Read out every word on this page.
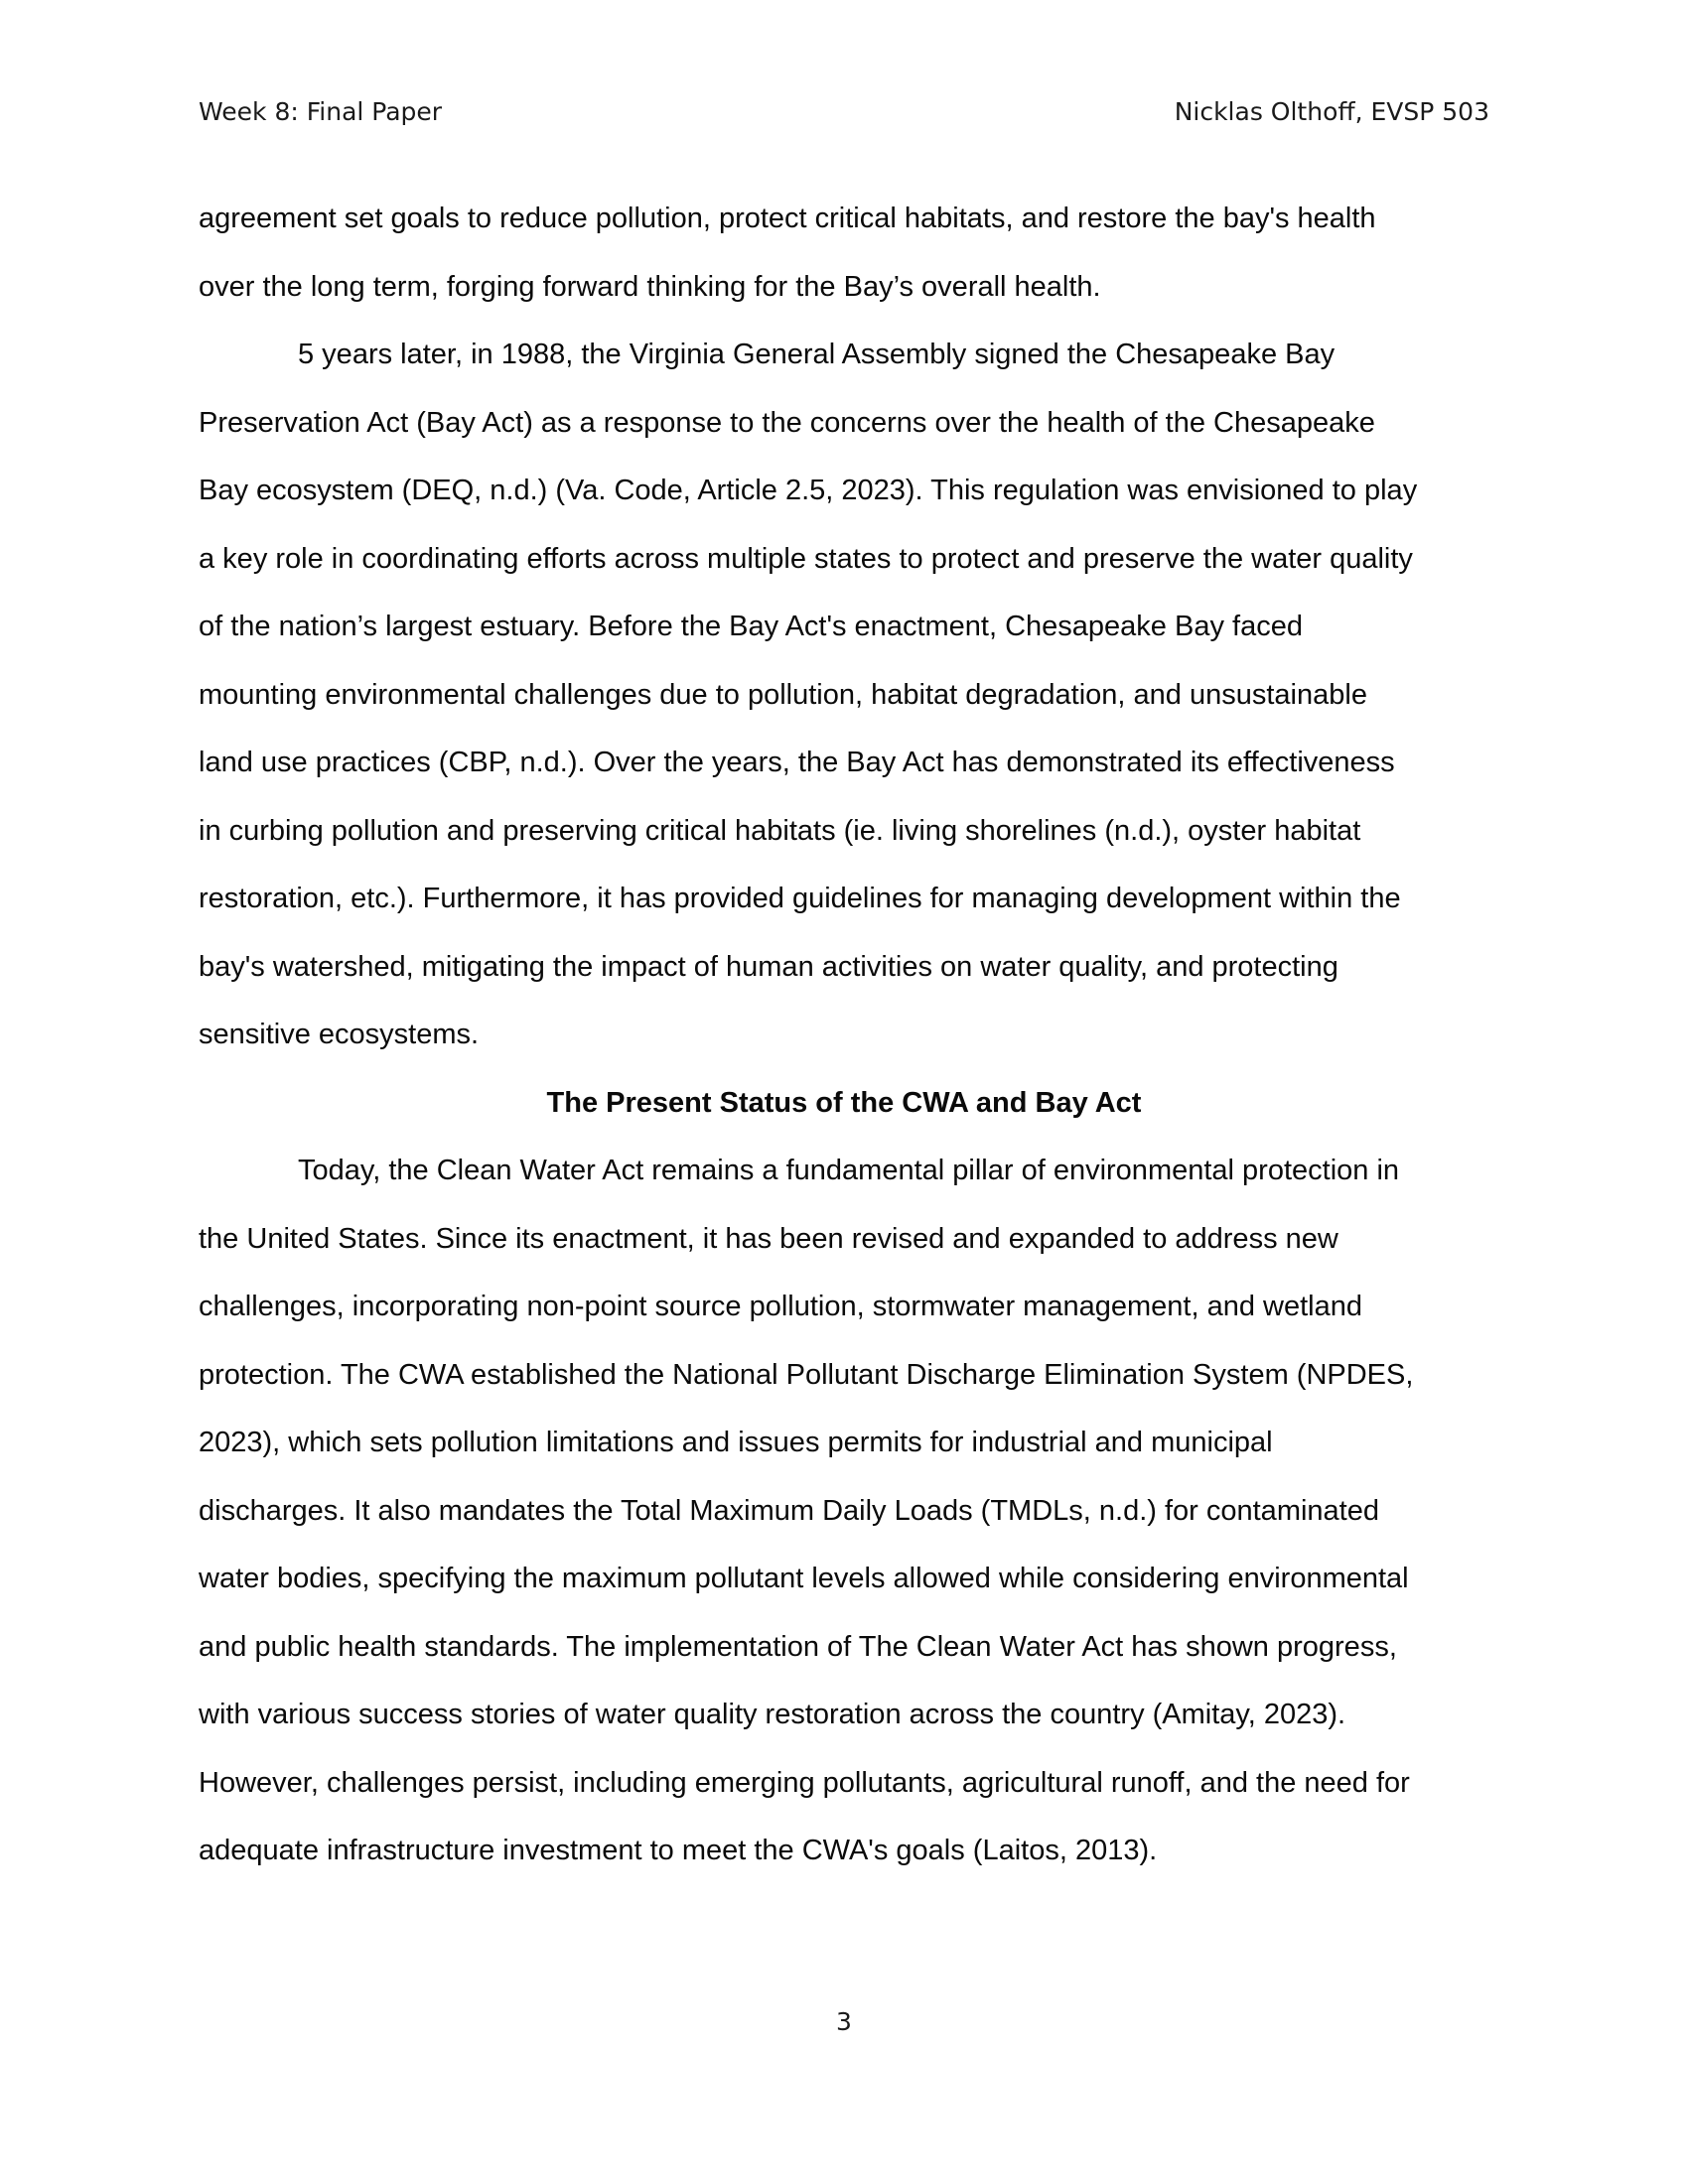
Week 8: Final Paper	Nicklas Olthoff, EVSP 503
agreement set goals to reduce pollution, protect critical habitats, and restore the bay's health
over the long term, forging forward thinking for the Bay’s overall health.
5 years later, in 1988, the Virginia General Assembly signed the Chesapeake Bay
Preservation Act (Bay Act) as a response to the concerns over the health of the Chesapeake
Bay ecosystem (DEQ, n.d.) (Va. Code, Article 2.5, 2023). This regulation was envisioned to play
a key role in coordinating efforts across multiple states to protect and preserve the water quality
of the nation’s largest estuary. Before the Bay Act's enactment, Chesapeake Bay faced
mounting environmental challenges due to pollution, habitat degradation, and unsustainable
land use practices (CBP, n.d.). Over the years, the Bay Act has demonstrated its effectiveness
in curbing pollution and preserving critical habitats (ie. living shorelines (n.d.), oyster habitat
restoration, etc.). Furthermore, it has provided guidelines for managing development within the
bay's watershed, mitigating the impact of human activities on water quality, and protecting
sensitive ecosystems.
The Present Status of the CWA and Bay Act
Today, the Clean Water Act remains a fundamental pillar of environmental protection in
the United States. Since its enactment, it has been revised and expanded to address new
challenges, incorporating non-point source pollution, stormwater management, and wetland
protection. The CWA established the National Pollutant Discharge Elimination System (NPDES,
2023), which sets pollution limitations and issues permits for industrial and municipal
discharges. It also mandates the Total Maximum Daily Loads (TMDLs, n.d.) for contaminated
water bodies, specifying the maximum pollutant levels allowed while considering environmental
and public health standards. The implementation of The Clean Water Act has shown progress,
with various success stories of water quality restoration across the country (Amitay, 2023).
However, challenges persist, including emerging pollutants, agricultural runoff, and the need for
adequate infrastructure investment to meet the CWA's goals (Laitos, 2013).
3
